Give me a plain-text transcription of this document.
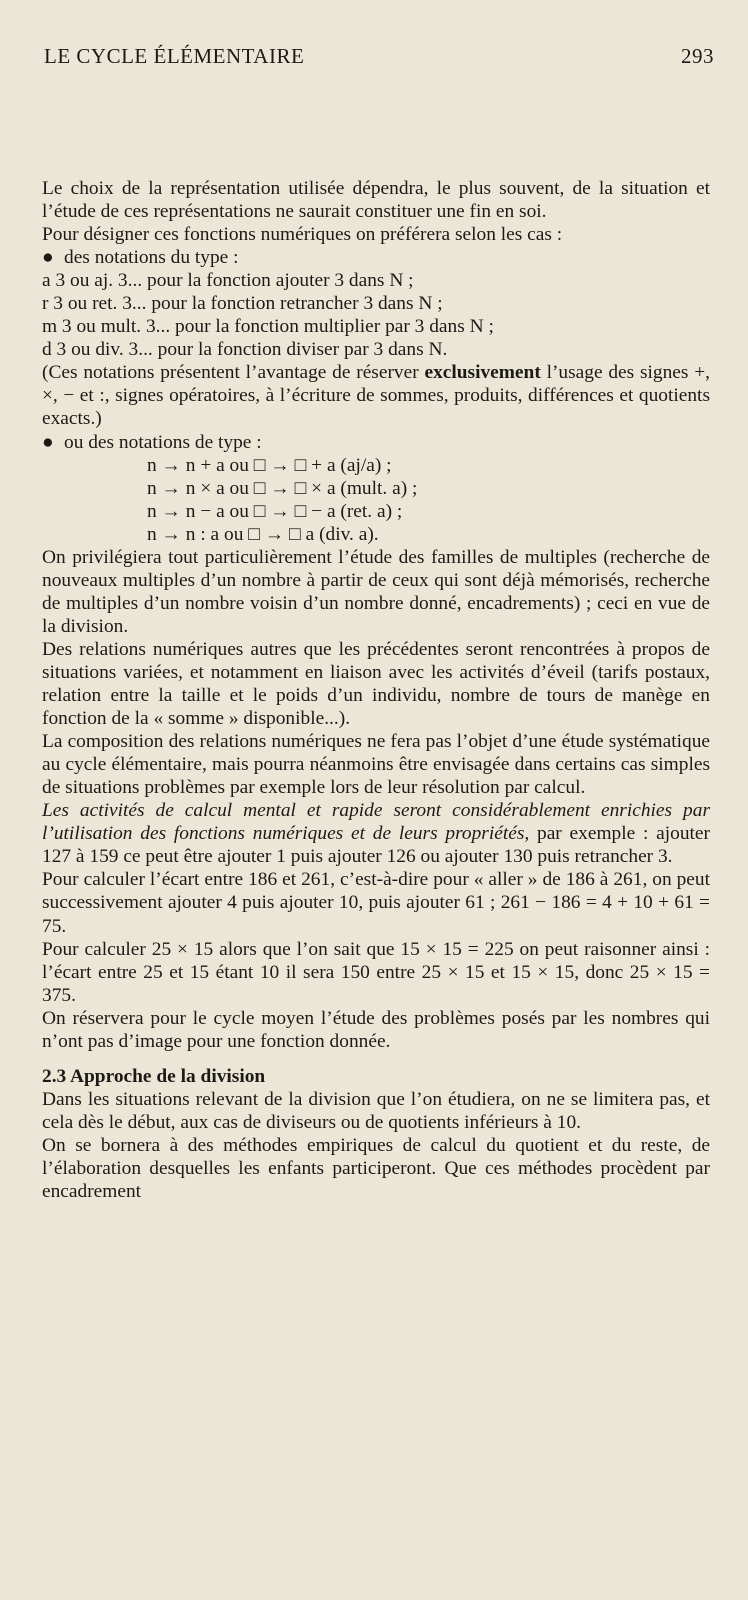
LE CYCLE ÉLÉMENTAIRE	293

Le choix de la représentation utilisée dépendra, le plus souvent, de la situation et l’étude de ces représentations ne saurait constituer une fin en soi.

Pour désigner ces fonctions numériques on préférera selon les cas :

● des notations du type :

a 3 ou aj. 3... pour la fonction ajouter 3 dans N ;

r 3 ou ret. 3... pour la fonction retrancher 3 dans N ;

m 3 ou mult. 3... pour la fonction multiplier par 3 dans N ;

d 3 ou div. 3... pour la fonction diviser par 3 dans N.

(Ces notations présentent l’avantage de réserver exclusivement l’usage des signes +, ×, − et :, signes opératoires, à l’écriture de sommes, produits, différences et quotients exacts.)

● ou des notations de type :

n → n + a ou □ → □ + a (aj/a) ;

n → n × a ou □ → □ × a (mult. a) ;

n → n − a ou □ → □ − a (ret. a) ;

n → n : a ou □ → □ a (div. a).

On privilégiera tout particulièrement l’étude des familles de multiples (recherche de nouveaux multiples d’un nombre à partir de ceux qui sont déjà mémorisés, recherche de multiples d’un nombre voisin d’un nombre donné, encadrements) ; ceci en vue de la division.

Des relations numériques autres que les précédentes seront rencontrées à propos de situations variées, et notamment en liaison avec les activités d’éveil (tarifs postaux, relation entre la taille et le poids d’un individu, nombre de tours de manège en fonction de la « somme » disponible...).

La composition des relations numériques ne fera pas l’objet d’une étude systématique au cycle élémentaire, mais pourra néanmoins être envisagée dans certains cas simples de situations problèmes par exemple lors de leur résolution par calcul.

Les activités de calcul mental et rapide seront considérablement enrichies par l’utilisation des fonctions numériques et de leurs propriétés, par exemple : ajouter 127 à 159 ce peut être ajouter 1 puis ajouter 126 ou ajouter 130 puis retrancher 3.

Pour calculer l’écart entre 186 et 261, c’est-à-dire pour « aller » de 186 à 261, on peut successivement ajouter 4 puis ajouter 10, puis ajouter 61 ; 261 − 186 = 4 + 10 + 61 = 75.

Pour calculer 25 × 15 alors que l’on sait que 15 × 15 = 225 on peut raisonner ainsi : l’écart entre 25 et 15 étant 10 il sera 150 entre 25 × 15 et 15 × 15, donc 25 × 15 = 375.

On réservera pour le cycle moyen l’étude des problèmes posés par les nombres qui n’ont pas d’image pour une fonction donnée.

2.3 Approche de la division

Dans les situations relevant de la division que l’on étudiera, on ne se limitera pas, et cela dès le début, aux cas de diviseurs ou de quotients inférieurs à 10.

On se bornera à des méthodes empiriques de calcul du quotient et du reste, de l’élaboration desquelles les enfants participeront. Que ces méthodes procèdent par encadrement
